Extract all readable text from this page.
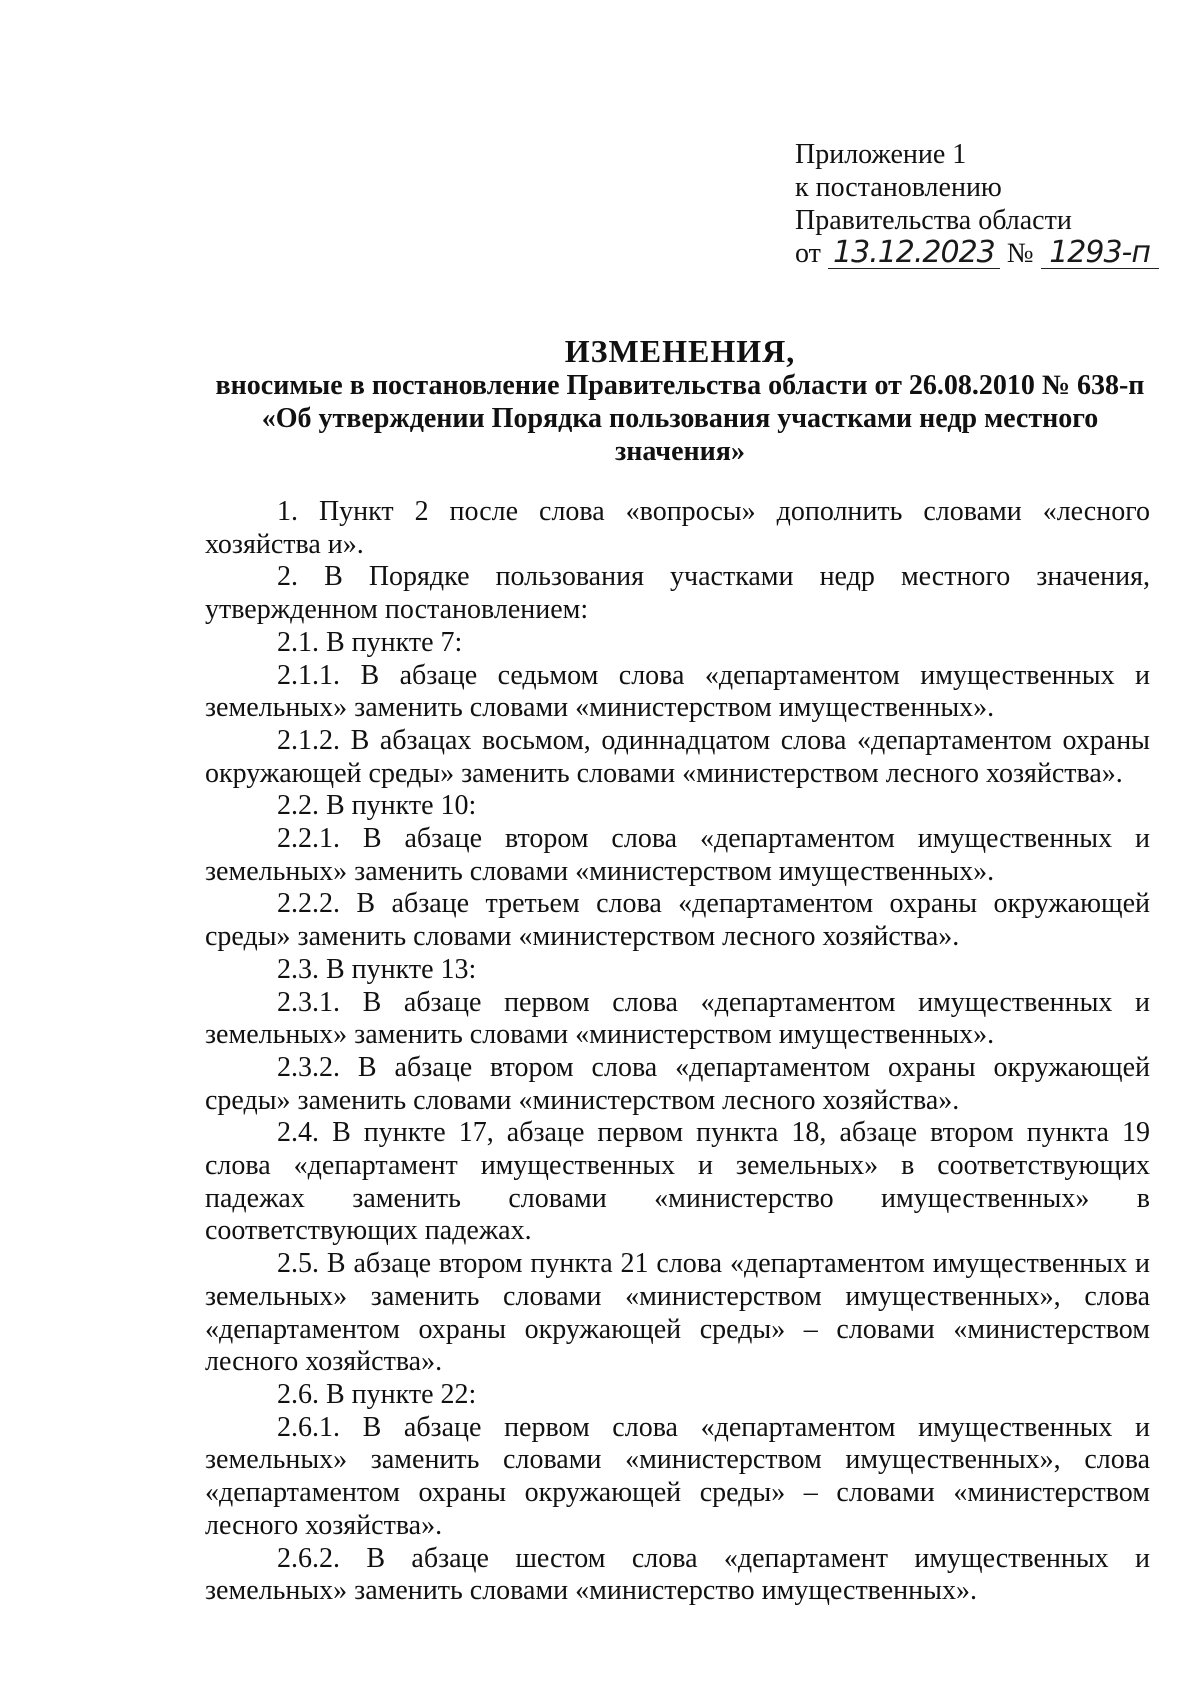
Приложение 1
к постановлению
Правительства области
от 13.12.2023 № 1293-п
ИЗМЕНЕНИЯ,
вносимые в постановление Правительства области от 26.08.2010 № 638-п
«Об утверждении Порядка пользования участками недр местного
значения»

1. Пункт 2 после слова «вопросы» дополнить словами «лесного хозяйства и».

2. В Порядке пользования участками недр местного значения, утвержденном постановлением:

2.1. В пункте 7:

2.1.1. В абзаце седьмом слова «департаментом имущественных и земельных» заменить словами «министерством имущественных».

2.1.2. В абзацах восьмом, одиннадцатом слова «департаментом охраны окружающей среды» заменить словами «министерством лесного хозяйства».

2.2. В пункте 10:

2.2.1. В абзаце втором слова «департаментом имущественных и земельных» заменить словами «министерством имущественных».

2.2.2. В абзаце третьем слова «департаментом охраны окружающей среды» заменить словами «министерством лесного хозяйства».

2.3. В пункте 13:

2.3.1. В абзаце первом слова «департаментом имущественных и земельных» заменить словами «министерством имущественных».

2.3.2. В абзаце втором слова «департаментом охраны окружающей среды» заменить словами «министерством лесного хозяйства».

2.4. В пункте 17, абзаце первом пункта 18, абзаце втором пункта 19 слова «департамент имущественных и земельных» в соответствующих падежах заменить словами «министерство имущественных» в соответствующих падежах.

2.5. В абзаце втором пункта 21 слова «департаментом имущественных и земельных» заменить словами «министерством имущественных», слова «департаментом охраны окружающей среды» – словами «министерством лесного хозяйства».

2.6. В пункте 22:

2.6.1. В абзаце первом слова «департаментом имущественных и земельных» заменить словами «министерством имущественных», слова «департаментом охраны окружающей среды» – словами «министерством лесного хозяйства».

2.6.2. В абзаце шестом слова «департамент имущественных и земельных» заменить словами «министерство имущественных».
